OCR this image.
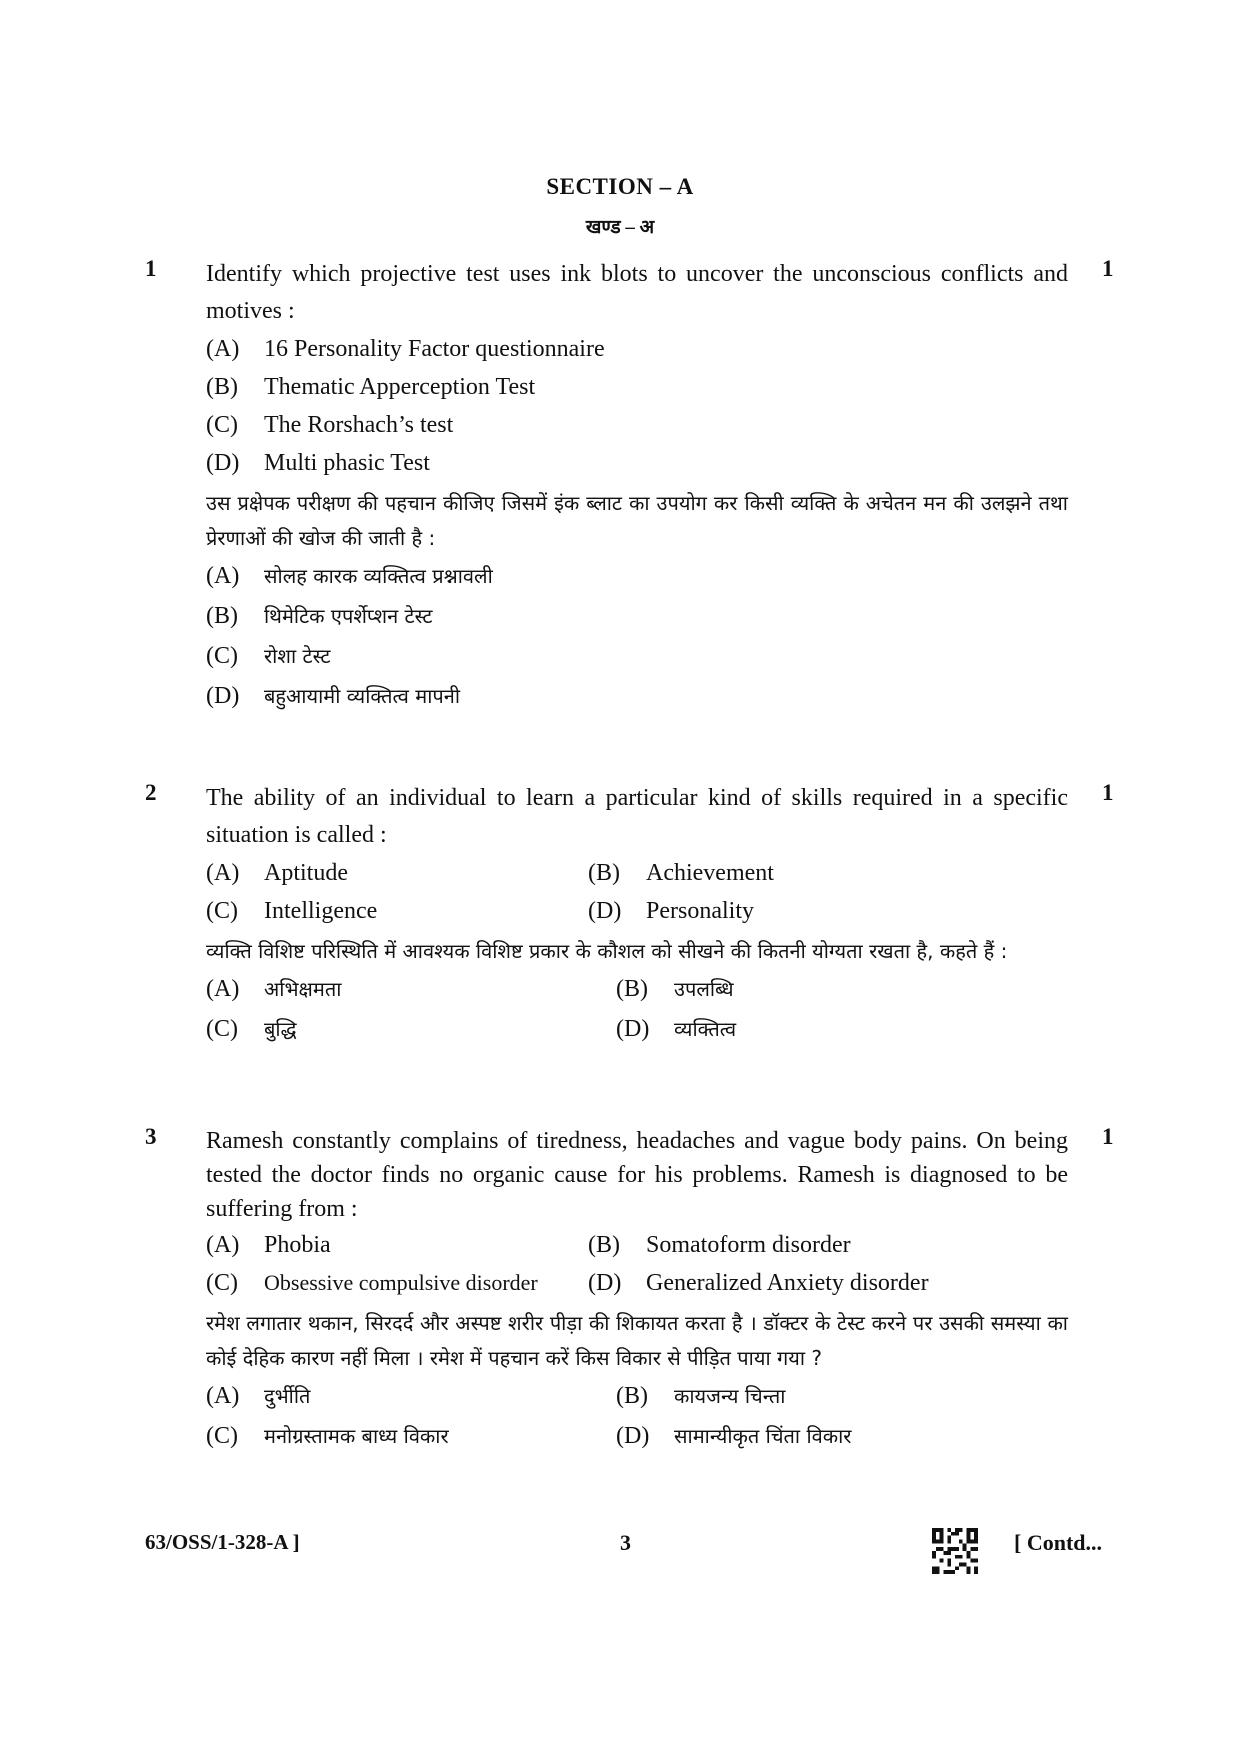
SECTION – A
खण्ड – अ
1	1
Identify which projective test uses ink blots to uncover the unconscious conflicts and motives :
(A)	16 Personality Factor questionnaire
(B)	Thematic Apperception Test
(C)	The Rorshach’s test
(D)	Multi phasic Test
उस प्रक्षेपक परीक्षण की पहचान कीजिए जिसमें इंक ब्लाट का उपयोग कर किसी व्यक्ति के अचेतन मन की उलझने तथा प्रेरणाओं की खोज की जाती है :
(A)	सोलह कारक व्यक्तित्व प्रश्नावली
(B)	थिमेटिक एपर्शेप्शन टेस्ट
(C)	रोशा टेस्ट
(D)	बहुआयामी व्यक्तित्व मापनी
2	1
The ability of an individual to learn a particular kind of skills required in a specific situation is called :
(A)	Aptitude	(B)	Achievement
(C)	Intelligence	(D)	Personality
व्यक्ति विशिष्ट परिस्थिति में आवश्यक विशिष्ट प्रकार के कौशल को सीखने की कितनी योग्यता रखता है, कहते हैं :
(A)	अभिक्षमता	(B)	उपलब्धि
(C)	बुद्धि	(D)	व्यक्तित्व
3	1
Ramesh constantly complains of tiredness, headaches and vague body pains. On being tested the doctor finds no organic cause for his problems. Ramesh is diagnosed to be suffering from :
(A)	Phobia	(B)	Somatoform disorder
(C)	Obsessive compulsive disorder (D)	Generalized Anxiety disorder
रमेश लगातार थकान, सिरदर्द और अस्पष्ट शरीर पीड़ा की शिकायत करता है । डॉक्टर के टेस्ट करने पर उसकी समस्या का कोई देहिक कारण नहीं मिला । रमेश में पहचान करें किस विकार से पीड़ित पाया गया ?
(A)	दुर्भीति	(B)	कायजन्य चिन्ता
(C)	मनोग्रस्तामक बाध्य विकार	(D)	सामान्यीकृत चिंता विकार
63/OSS/1-328-A ]	3	[ Contd...
